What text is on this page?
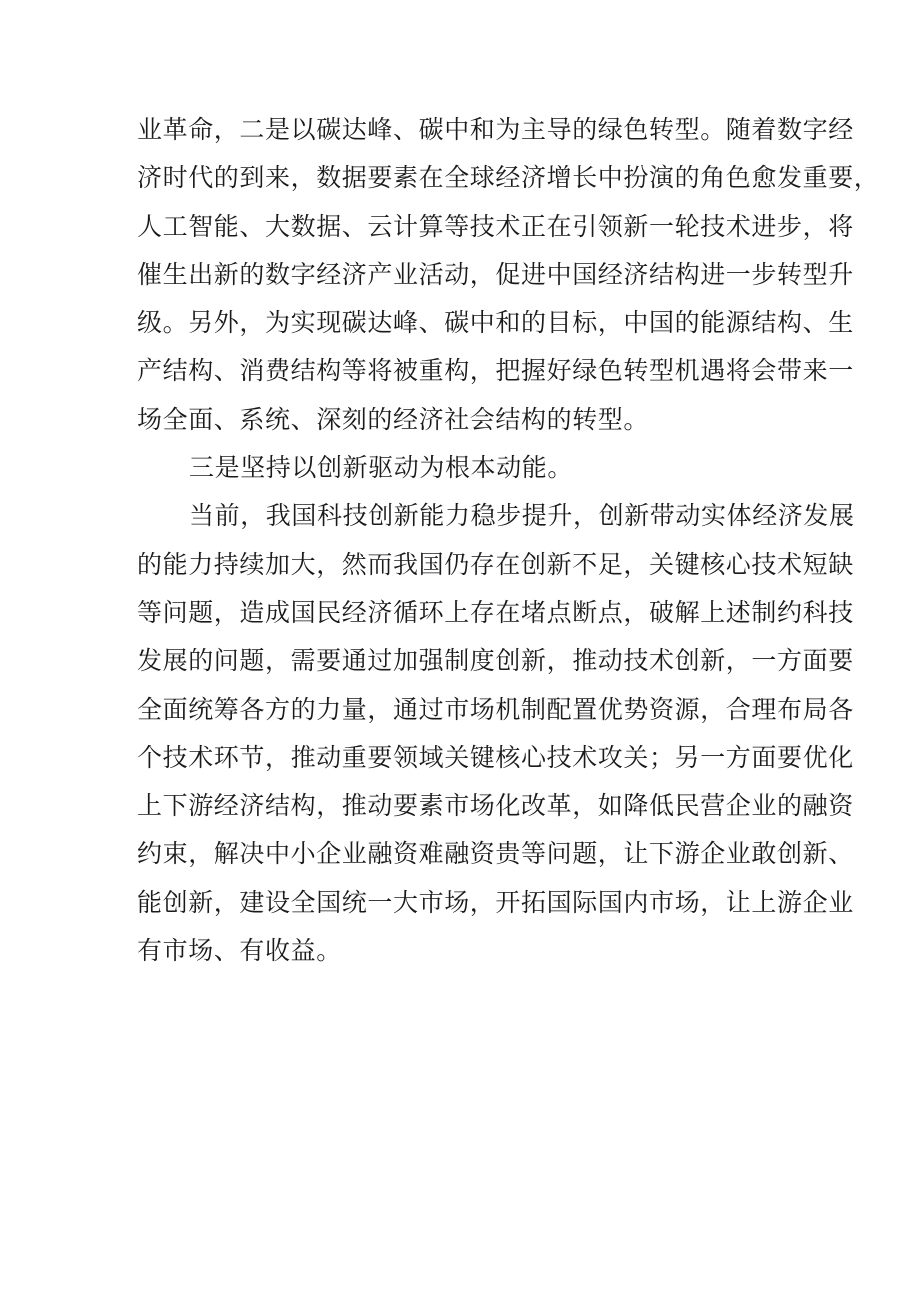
业革命，二是以碳达峰、碳中和为主导的绿色转型。随着数字经
济时代的到来，数据要素在全球经济增长中扮演的角色愈发重要，
人工智能、大数据、云计算等技术正在引领新一轮技术进步，将
催生出新的数字经济产业活动，促进中国经济结构进一步转型升
级。另外，为实现碳达峰、碳中和的目标，中国的能源结构、生
产结构、消费结构等将被重构，把握好绿色转型机遇将会带来一
场全面、系统、深刻的经济社会结构的转型。
三是坚持以创新驱动为根本动能。
当前，我国科技创新能力稳步提升，创新带动实体经济发展
的能力持续加大，然而我国仍存在创新不足，关键核心技术短缺
等问题，造成国民经济循环上存在堵点断点，破解上述制约科技
发展的问题，需要通过加强制度创新，推动技术创新，一方面要
全面统筹各方的力量，通过市场机制配置优势资源，合理布局各
个技术环节，推动重要领域关键核心技术攻关；另一方面要优化
上下游经济结构，推动要素市场化改革，如降低民营企业的融资
约束，解决中小企业融资难融资贵等问题，让下游企业敢创新、
能创新，建设全国统一大市场，开拓国际国内市场，让上游企业
有市场、有收益。
